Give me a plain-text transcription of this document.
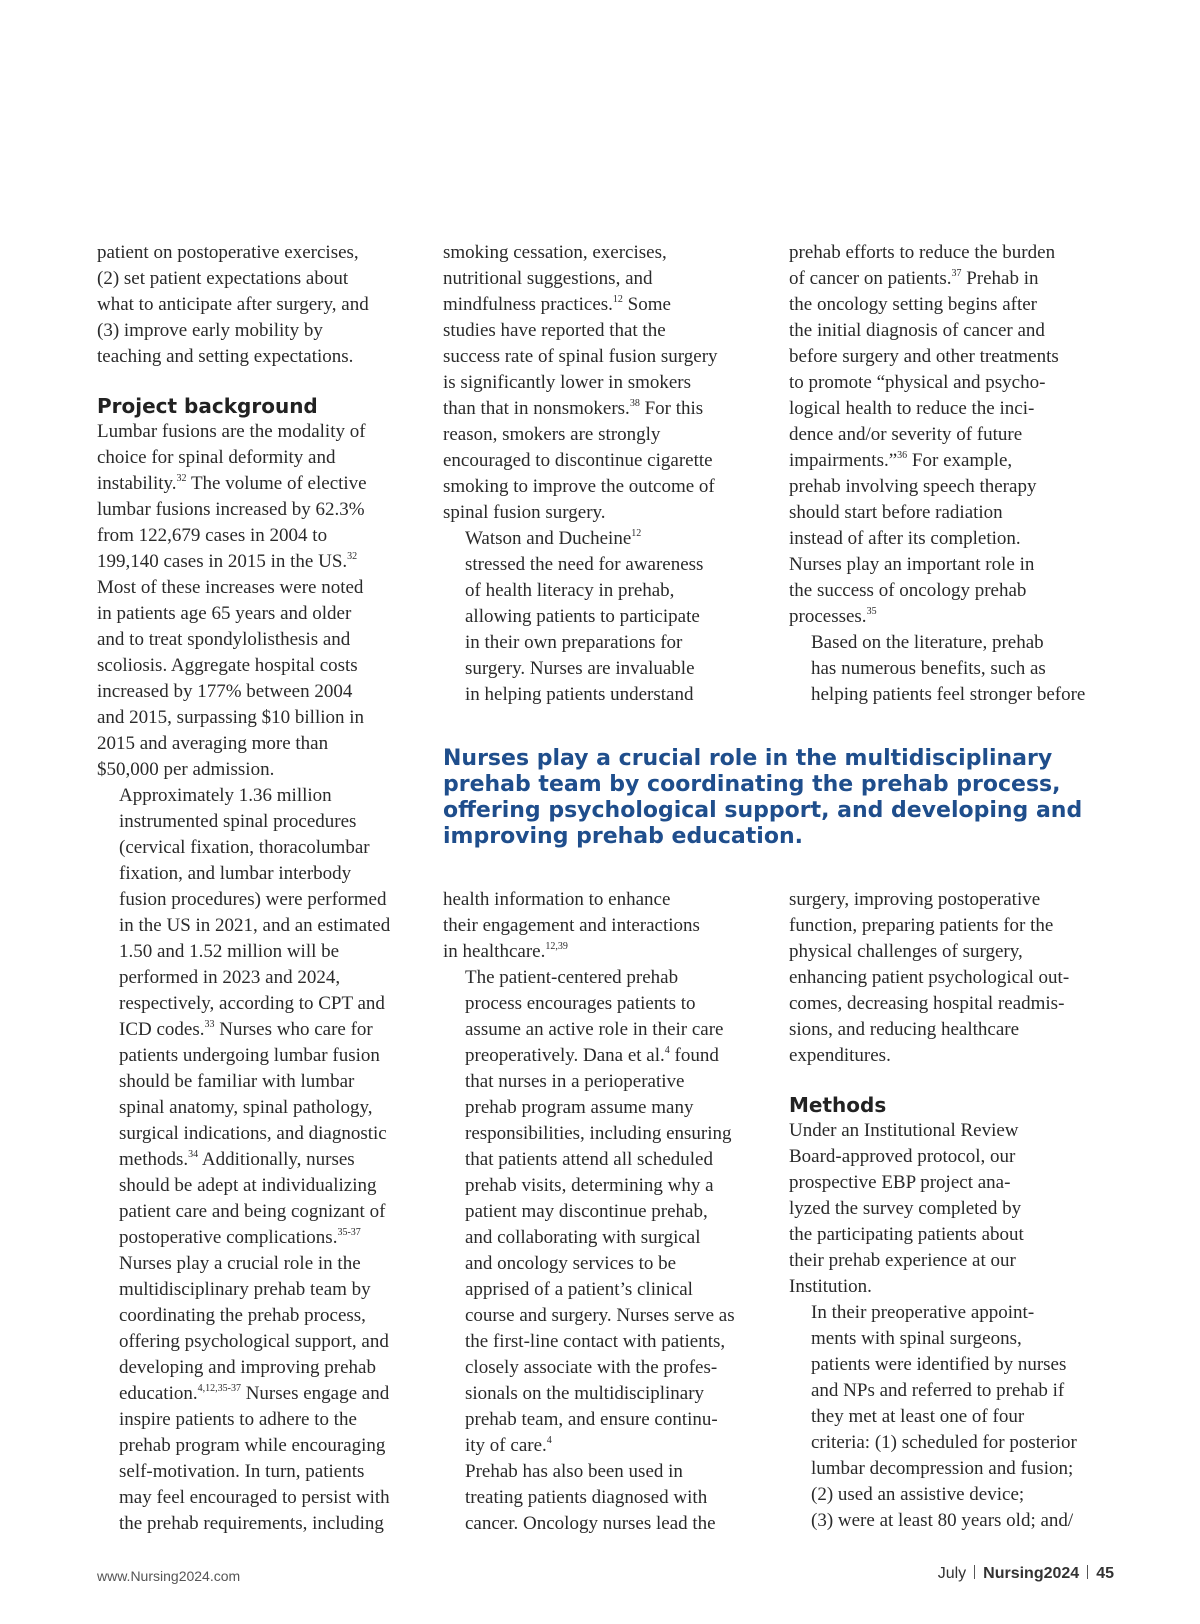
patient on postoperative exercises,
(2) set patient expectations about
what to anticipate after surgery, and
(3) improve early mobility by
teaching and setting expectations.

Project background

Lumbar fusions are the modality of
choice for spinal deformity and
instability.$^{32}$ The volume of elective
lumbar fusions increased by 62.3%
from 122,679 cases in 2004 to
199,140 cases in 2015 in the US.$^{32}$
Most of these increases were noted
in patients age 65 years and older
and to treat spondylolisthesis and
scoliosis. Aggregate hospital costs
increased by 177% between 2004
and 2015, surpassing $10 billion in
2015 and averaging more than
$50,000 per admission.

Approximately 1.36 million
instrumented spinal procedures
(cervical fixation, thoracolumbar
fixation, and lumbar interbody
fusion procedures) were performed
in the US in 2021, and an estimated
1.50 and 1.52 million will be
performed in 2023 and 2024,
respectively, according to CPT and
ICD codes.$^{33}$ Nurses who care for
patients undergoing lumbar fusion
should be familiar with lumbar
spinal anatomy, spinal pathology,
surgical indications, and diagnostic
methods.$^{34}$ Additionally, nurses
should be adept at individualizing
patient care and being cognizant of
postoperative complications.$^{35-37}$

Nurses play a crucial role in the
multidisciplinary prehab team by
coordinating the prehab process,
offering psychological support, and
developing and improving prehab
education.$^{4,12,35-37}$ Nurses engage and
inspire patients to adhere to the
prehab program while encouraging
self-motivation. In turn, patients
may feel encouraged to persist with
the prehab requirements, including

smoking cessation, exercises,
nutritional suggestions, and
mindfulness practices.$^{12}$ Some
studies have reported that the
success rate of spinal fusion surgery
is significantly lower in smokers
than that in nonsmokers.$^{38}$ For this
reason, smokers are strongly
encouraged to discontinue cigarette
smoking to improve the outcome of
spinal fusion surgery.

Watson and Ducheine$^{12}$
stressed the need for awareness
of health literacy in prehab,
allowing patients to participate
in their own preparations for
surgery. Nurses are invaluable
in helping patients understand

prehab efforts to reduce the burden
of cancer on patients.$^{37}$ Prehab in
the oncology setting begins after
the initial diagnosis of cancer and
before surgery and other treatments
to promote “physical and psycho-
logical health to reduce the inci-
dence and/or severity of future
impairments.”$^{36}$ For example,
prehab involving speech therapy
should start before radiation
instead of after its completion.
Nurses play an important role in
the success of oncology prehab
processes.$^{35}$

Based on the literature, prehab
has numerous benefits, such as
helping patients feel stronger before

Nurses play a crucial role in the multidisciplinary
prehab team by coordinating the prehab process,
offering psychological support, and developing and
improving prehab education.

health information to enhance
their engagement and interactions
in healthcare.$^{12,39}$

The patient-centered prehab
process encourages patients to
assume an active role in their care
preoperatively. Dana et al.$^4$ found
that nurses in a perioperative
prehab program assume many
responsibilities, including ensuring
that patients attend all scheduled
prehab visits, determining why a
patient may discontinue prehab,
and collaborating with surgical
and oncology services to be
apprised of a patient’s clinical
course and surgery. Nurses serve as
the first-line contact with patients,
closely associate with the profes-
sionals on the multidisciplinary
prehab team, and ensure continu-
ity of care.$^4$

Prehab has also been used in
treating patients diagnosed with
cancer. Oncology nurses lead the

surgery, improving postoperative
function, preparing patients for the
physical challenges of surgery,
enhancing patient psychological out-
comes, decreasing hospital readmis-
sions, and reducing healthcare
expenditures.

Methods

Under an Institutional Review
Board-approved protocol, our
prospective EBP project ana-
lyzed the survey completed by
the participating patients about
their prehab experience at our
Institution.

In their preoperative appoint-
ments with spinal surgeons,
patients were identified by nurses
and NPs and referred to prehab if
they met at least one of four
criteria: (1) scheduled for posterior
lumbar decompression and fusion;
(2) used an assistive device;
(3) were at least 80 years old; and/

www.Nursing2024.com	July Nursing2024 45
